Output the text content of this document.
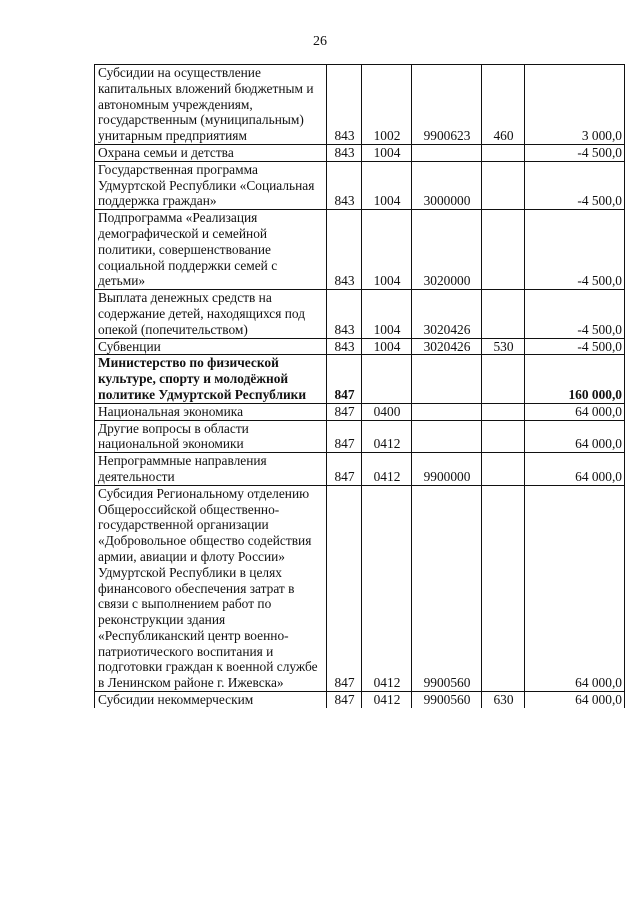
26
Субсидии на осуществление капитальных вложений бюджетным и автономным учреждениям, государственным (муниципальным) унитарным предприятиям	843	1002	9900623	460	3 000,0
Охрана семьи и детства	843	1004			-4 500,0
Государственная программа Удмуртской Республики «Социальная поддержка граждан»	843	1004	3000000		-4 500,0
Подпрограмма «Реализация демографической и семейной политики, совершенствование социальной поддержки семей с детьми»	843	1004	3020000		-4 500,0
Выплата денежных средств на содержание детей, находящихся под опекой (попечительством)	843	1004	3020426		-4 500,0
Субвенции	843	1004	3020426	530	-4 500,0
Министерство по физической культуре, спорту и молодёжной политике Удмуртской Республики	847				160 000,0
Национальная экономика	847	0400			64 000,0
Другие вопросы в области национальной экономики	847	0412			64 000,0
Непрограммные направления деятельности	847	0412	9900000		64 000,0
Субсидия Региональному отделению Общероссийской общественно-государственной организации «Добровольное общество содействия армии, авиации и флоту России» Удмуртской Республики в целях финансового обеспечения затрат в связи с выполнением работ по реконструкции здания «Республиканский центр военно-патриотического воспитания и подготовки граждан к военной службе в Ленинском районе г. Ижевска»	847	0412	9900560		64 000,0
Субсидии некоммерческим	847	0412	9900560	630	64 000,0
